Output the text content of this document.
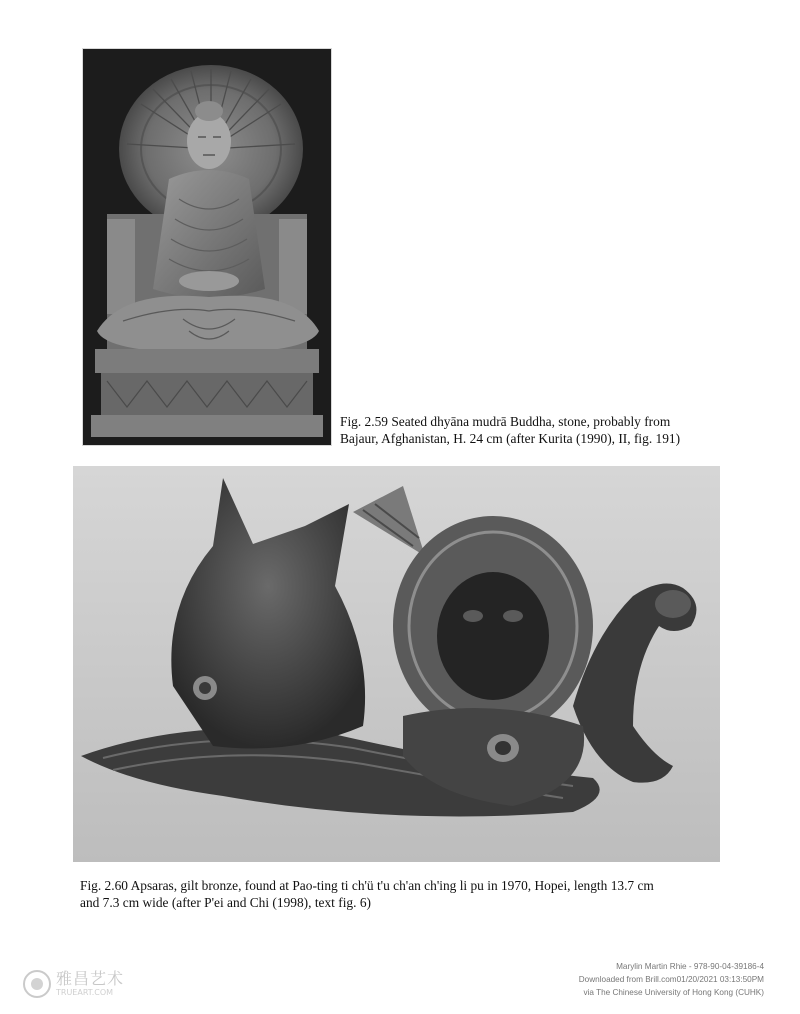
Fig. 2.59 Seated dhyāna mudrā Buddha, stone, probably from
Bajaur, Afghanistan, H. 24 cm (after Kurita (1990), II, fig. 191)
Fig. 2.60 Apsaras, gilt bronze, found at Pao-ting ti ch'ü t'u ch'an ch'ing li pu in 1970, Hopei, length 13.7 cm
and 7.3 cm wide (after P'ei and Chi (1998), text fig. 6)
雅昌艺术
TRUEART.COM
Marylin Martin Rhie - 978-90-04-39186-4
Downloaded from Brill.com01/20/2021 03:13:50PM
via The Chinese University of Hong Kong (CUHK)
